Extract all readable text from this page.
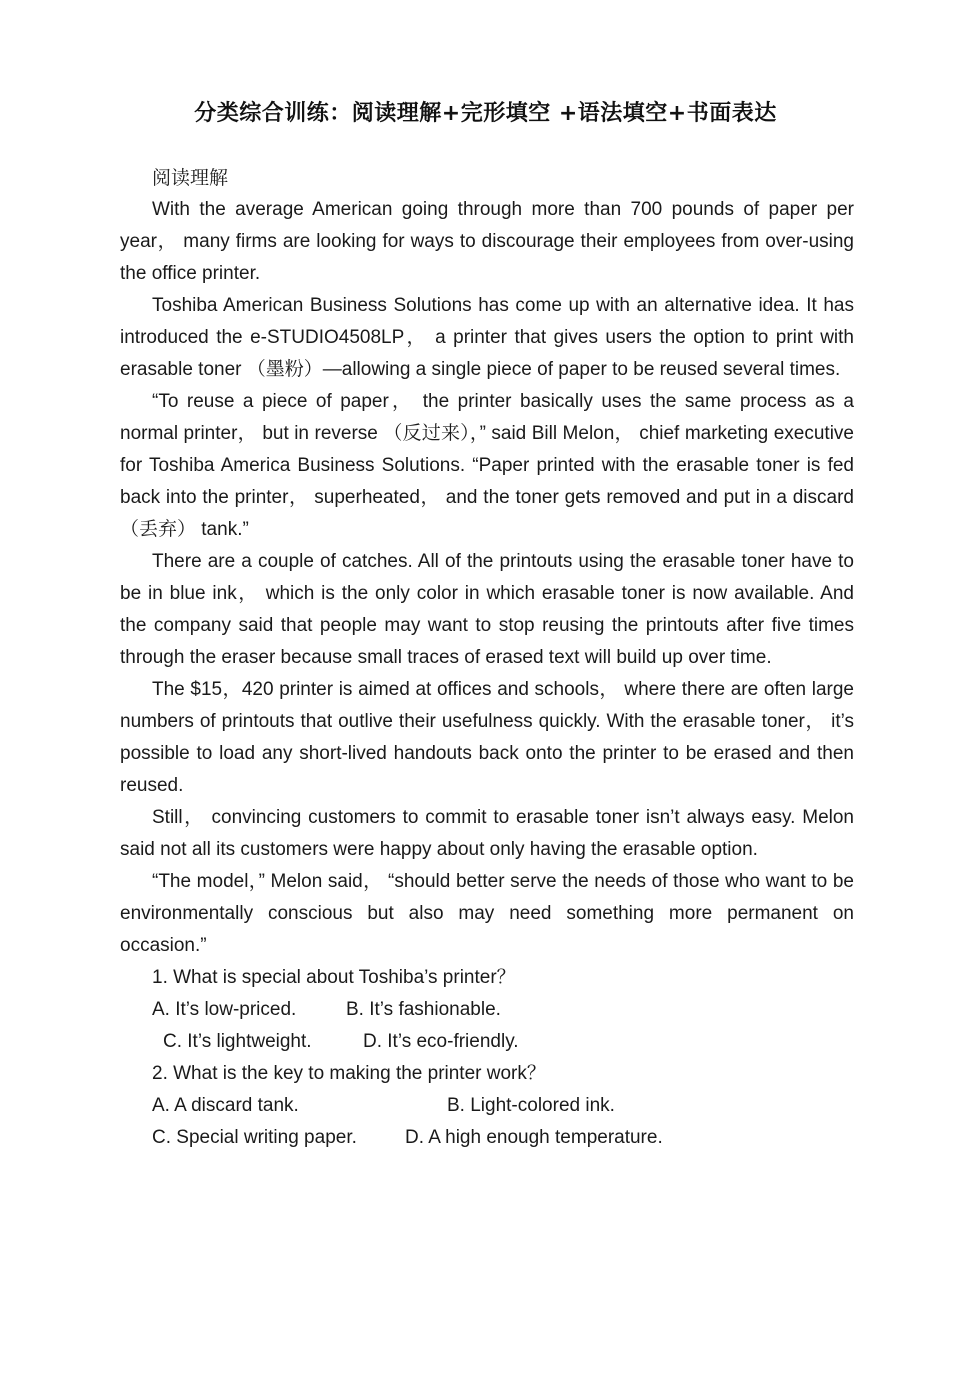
分类综合训练：阅读理解+完形填空 +语法填空+书面表达

阅读理解

With the average American going through more than 700 pounds of paper per year， many firms are looking for ways to discourage their employees from over-using the office printer.

Toshiba American Business Solutions has come up with an alternative idea. It has introduced the e-STUDIO4508LP， a printer that gives users the option to print with erasable toner （墨粉）—allowing a single piece of paper to be reused several times.

“To reuse a piece of paper， the printer basically uses the same process as a normal printer， but in reverse （反过来），” said Bill Melon， chief marketing executive for Toshiba America Business Solutions. “Paper printed with the erasable toner is fed back into the printer， superheated， and the toner gets removed and put in a discard （丢弃） tank.”

There are a couple of catches. All of the printouts using the erasable toner have to be in blue ink， which is the only color in which erasable toner is now available. And the company said that people may want to stop reusing the printouts after five times through the eraser because small traces of erased text will build up over time.

The $15，420 printer is aimed at offices and schools， where there are often large numbers of printouts that outlive their usefulness quickly. With the erasable toner， it’s possible to load any short-lived handouts back onto the printer to be erased and then reused.

Still， convincing customers to commit to erasable toner isn’t always easy. Melon said not all its customers were happy about only having the erasable option.

“The model，” Melon said， “should better serve the needs of those who want to be environmentally conscious but also may need something more permanent on occasion.”

1. What is special about Toshiba’s printer？

A. It’s low-priced.	B. It’s fashionable.
C. It’s lightweight.	D. It’s eco-friendly.

2. What is the key to making the printer work？

A. A discard tank.	B. Light-colored ink.
C. Special writing paper.	D. A high enough temperature.
